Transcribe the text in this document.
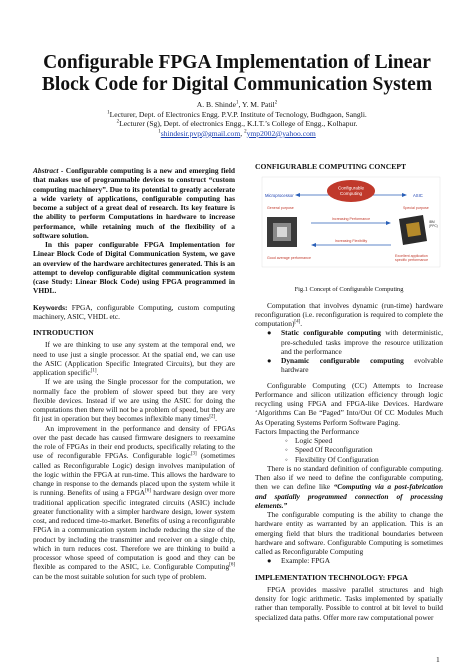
Configurable FPGA Implementation of Linear Block Code for Digital Communication System
A. B. Shinde$^1$, Y. M. Patil$^2$
$^1$Lecturer, Dept. of Electronics Engg. P.V.P. Institute of Tecnology, Budhgaon, Sangli.
$^2$Lecturer (Sg), Dept. of electronics Engg., K.I.T.’s College of Engg., Kolhapur.
$^1$shindesir.pvp@gmail.com, $^2$ymp2002@yahoo.com

Abstract - Configurable computing is a new and emerging field that makes use of programmable devices to construct “custom computing machinery”. Due to its potential to greatly accelerate a wide variety of applications, configurable computing has become a subject of a great deal of research. Its key feature is the ability to perform Computations in hardware to increase performance, while retaining much of the flexibility of a software solution.

In this paper configurable FPGA Implementation for Linear Block Code of Digital Communication System, we gave an overview of the hardware architectures generated. This is an attempt to develop configurable digital communication system (case Study: Linear Block Code) using FPGA programmed in VHDL.

Keywords: FPGA, configurable Computing, custom computing machinery, ASIC, VHDL etc.

INTRODUCTION

If we are thinking to use any system at the temporal end, we need to use just a single processor. At the spatial end, we can use the ASIC (Application Specific Integrated Circuits), but they are application specific[1].

If we are using the Single processor for the computation, we normally face the problem of slower speed but they are very flexible devices. Instead if we are using the ASIC for doing the computations then there will not be a problem of speed, but they are fit just in operation but they becomes inflexible many times[2].

An improvement in the performance and density of FPGAs over the past decade has caused firmware designers to reexamine the role of FPGAs in their end products, specifically relating to the use of reconfigurable FPGAs. Configurable logic[3] (sometimes called as Reconfigurable Logic) design involves manipulation of the logic within the FPGA at run-time. This allows the hardware to change in response to the demands placed upon the system while it is running. Benefits of using a FPGA[6] hardware design over more traditional application specific integrated circuits (ASIC) include greater functionality with a simpler hardware design, lower system cost, and reduced time-to-market. Benefits of using a reconfigurable FPGA in a communication system include reducing the size of the product by including the transmitter and receiver on a single chip, which in turn reduces cost. Therefore we are thinking to build a processor whose speed of computation is good and they can be flexible as compared to the ASIC, i.e. Configurable Computing[6] can be the most suitable solution for such type of problem.

CONFIGURABLE COMPUTING CONCEPT

Configurable
Computing
Microprocessor	ASIC
General purpose	Special purpose
Increasing Performance
Increasing Flexibility
IBM
(PPC)
Good average performance	Excellent application
specific performance

Fig.1 Concept of Configurable Computing

Computation that involves dynamic (run-time) hardware reconfiguration (i.e. reconfiguration is required to complete the computation)[4].

● Static configurable computing with deterministic, pre-scheduled tasks improve the resource utilization and the performance
● Dynamic configurable computing evolvable hardware

Configurable Computing (CC) Attempts to Increase Performance and silicon utilization efficiency through logic recycling using FPGA and FPGA-like Devices. Hardware ‘Algorithms Can Be “Paged” Into/Out Of CC Modules Much As Operating Systems Perform Software Paging.

Factors Impacting the Performance

◦ Logic Speed
◦ Speed Of Reconfiguration
◦ Flexibility Of Configuration

There is no standard definition of configurable computing. Then also if we need to define the configurable computing, then we can define like “Computing via a post-fabrication and spatially programmed connection of processing elements.”

The configurable computing is the ability to change the hardware entity as warranted by an application. This is an emerging field that blurs the traditional boundaries between hardware and software. Configurable Computing is sometimes called as Reconfigurable Computing

● Example: FPGA

IMPLEMENTATION TECHNOLOGY: FPGA

FPGA provides massive parallel structures and high density for logic arithmetic. Tasks implemented by spatially rather than temporally. Possible to control at bit level to build specialized data paths. Offer more raw computational power

1
